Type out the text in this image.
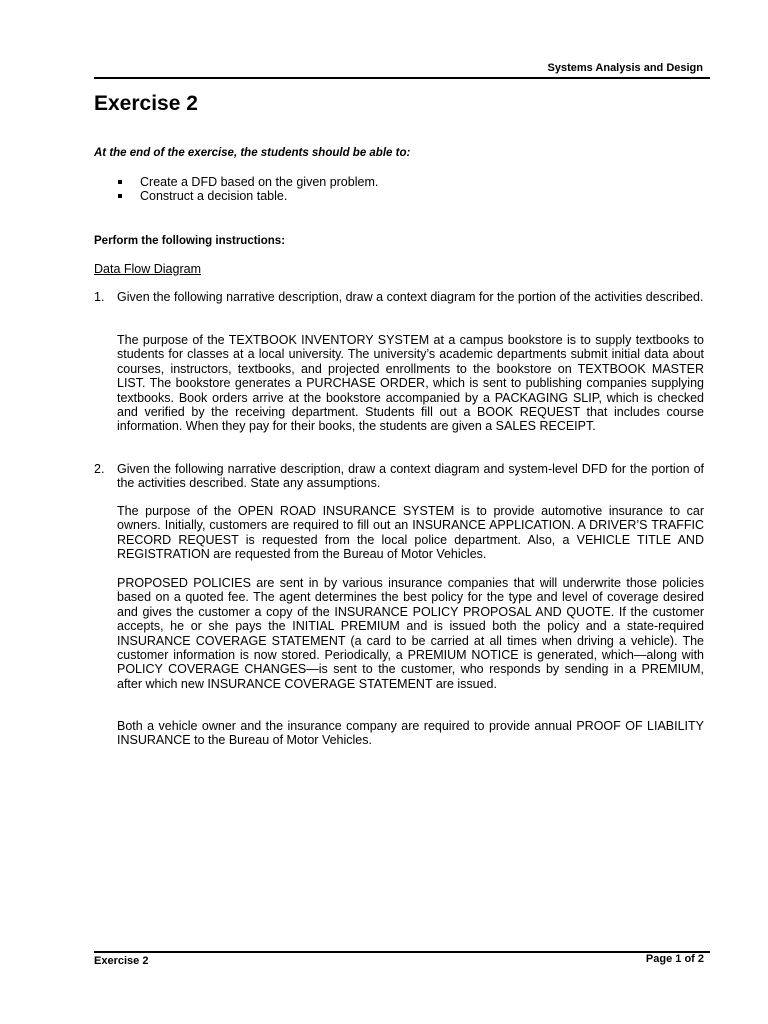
Systems Analysis and Design
Exercise 2
At the end of the exercise, the students should be able to:
Create a DFD based on the given problem.
Construct a decision table.
Perform the following instructions:
Data Flow Diagram
1. Given the following narrative description, draw a context diagram for the portion of the activities described.

The purpose of the TEXTBOOK INVENTORY SYSTEM at a campus bookstore is to supply textbooks to students for classes at a local university. The university’s academic departments submit initial data about courses, instructors, textbooks, and projected enrollments to the bookstore on TEXTBOOK MASTER LIST. The bookstore generates a PURCHASE ORDER, which is sent to publishing companies supplying textbooks. Book orders arrive at the bookstore accompanied by a PACKAGING SLIP, which is checked and verified by the receiving department. Students fill out a BOOK REQUEST that includes course information. When they pay for their books, the students are given a SALES RECEIPT.

2. Given the following narrative description, draw a context diagram and system-level DFD for the portion of the activities described. State any assumptions.

The purpose of the OPEN ROAD INSURANCE SYSTEM is to provide automotive insurance to car owners. Initially, customers are required to fill out an INSURANCE APPLICATION. A DRIVER’S TRAFFIC RECORD REQUEST is requested from the local police department. Also, a VEHICLE TITLE AND REGISTRATION are requested from the Bureau of Motor Vehicles.

PROPOSED POLICIES are sent in by various insurance companies that will underwrite those policies based on a quoted fee. The agent determines the best policy for the type and level of coverage desired and gives the customer a copy of the INSURANCE POLICY PROPOSAL AND QUOTE. If the customer accepts, he or she pays the INITIAL PREMIUM and is issued both the policy and a state-required INSURANCE COVERAGE STATEMENT (a card to be carried at all times when driving a vehicle). The customer information is now stored. Periodically, a PREMIUM NOTICE is generated, which—along with POLICY COVERAGE CHANGES—is sent to the customer, who responds by sending in a PREMIUM, after which new INSURANCE COVERAGE STATEMENT are issued.

Both a vehicle owner and the insurance company are required to provide annual PROOF OF LIABILITY INSURANCE to the Bureau of Motor Vehicles.

Exercise 2	Page 1 of 2
